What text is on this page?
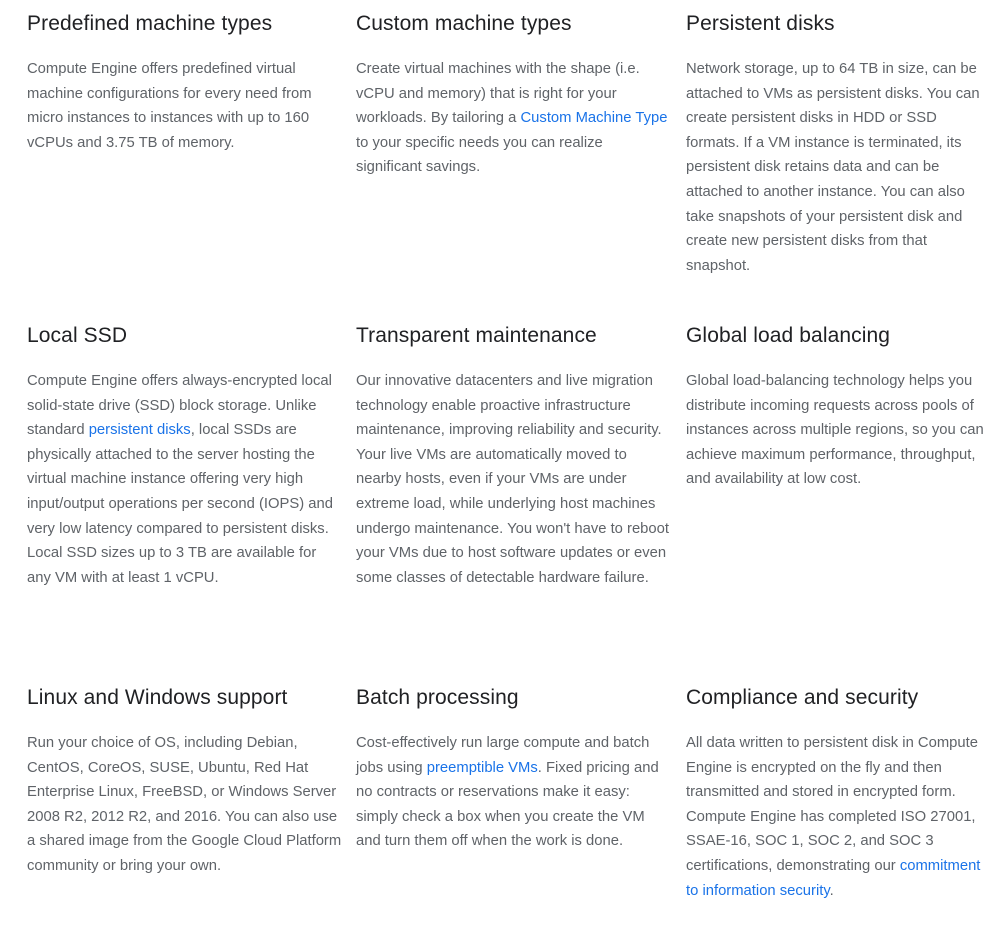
Predefined machine types

Compute Engine offers predefined virtual machine configurations for every need from micro instances to instances with up to 160 vCPUs and 3.75 TB of memory.

Custom machine types

Create virtual machines with the shape (i.e. vCPU and memory) that is right for your workloads. By tailoring a Custom Machine Type to your specific needs you can realize significant savings.

Persistent disks

Network storage, up to 64 TB in size, can be attached to VMs as persistent disks. You can create persistent disks in HDD or SSD formats. If a VM instance is terminated, its persistent disk retains data and can be attached to another instance. You can also take snapshots of your persistent disk and create new persistent disks from that snapshot.

Local SSD

Compute Engine offers always-encrypted local solid-state drive (SSD) block storage. Unlike standard persistent disks, local SSDs are physically attached to the server hosting the virtual machine instance offering very high input/output operations per second (IOPS) and very low latency compared to persistent disks. Local SSD sizes up to 3 TB are available for any VM with at least 1 vCPU.

Transparent maintenance

Our innovative datacenters and live migration technology enable proactive infrastructure maintenance, improving reliability and security. Your live VMs are automatically moved to nearby hosts, even if your VMs are under extreme load, while underlying host machines undergo maintenance. You won't have to reboot your VMs due to host software updates or even some classes of detectable hardware failure.

Global load balancing

Global load-balancing technology helps you distribute incoming requests across pools of instances across multiple regions, so you can achieve maximum performance, throughput, and availability at low cost.

Linux and Windows support

Run your choice of OS, including Debian, CentOS, CoreOS, SUSE, Ubuntu, Red Hat Enterprise Linux, FreeBSD, or Windows Server 2008 R2, 2012 R2, and 2016. You can also use a shared image from the Google Cloud Platform community or bring your own.

Batch processing

Cost-effectively run large compute and batch jobs using preemptible VMs. Fixed pricing and no contracts or reservations make it easy: simply check a box when you create the VM and turn them off when the work is done.

Compliance and security

All data written to persistent disk in Compute Engine is encrypted on the fly and then transmitted and stored in encrypted form. Compute Engine has completed ISO 27001, SSAE-16, SOC 1, SOC 2, and SOC 3 certifications, demonstrating our commitment to information security.
